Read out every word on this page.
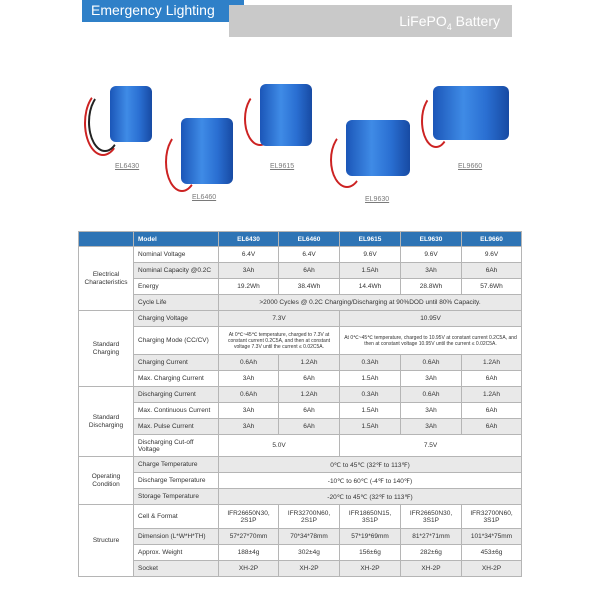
Emergency Lighting
LiFePO$_4$ Battery
EL6430
EL6460
EL9615
EL9630
EL9660
	Model	EL6430	EL6460	EL9615	EL9630	EL9660
Electrical Characteristics	Nominal Voltage	6.4V	6.4V	9.6V	9.6V	9.6V
	Nominal Capacity @0.2C	3Ah	6Ah	1.5Ah	3Ah	6Ah
	Energy	19.2Wh	38.4Wh	14.4Wh	28.8Wh	57.6Wh
	Cycle Life	>2000 Cycles @ 0.2C Charging/Discharging at 90%DOD until 80% Capacity.				
Standard Charging	Charging Voltage	7.3V		10.95V		
	Charging Mode (CC/CV)	At 0℃~45℃ temperature, charged to 7.3V at constant current 0.2C5A, and then at constant voltage 7.3V until the current ≤ 0.02C5A.		At 0℃~45℃ temperature, charged to 10.95V at constant current 0.2C5A, and then at constant voltage 10.95V until the current ≤ 0.02C5A.		
	Charging Current	0.6Ah	1.2Ah	0.3Ah	0.6Ah	1.2Ah
	Max. Charging Current	3Ah	6Ah	1.5Ah	3Ah	6Ah
Standard Discharging	Discharging Current	0.6Ah	1.2Ah	0.3Ah	0.6Ah	1.2Ah
	Max. Continuous Current	3Ah	6Ah	1.5Ah	3Ah	6Ah
	Max. Pulse Current	3Ah	6Ah	1.5Ah	3Ah	6Ah
	Discharging Cut-off Voltage	5.0V		7.5V		
Operating Condition	Charge Temperature	0℃ to 45℃ (32℉ to 113℉)				
	Discharge Temperature	-10℃ to 60℃ (-4℉ to 140℉)				
	Storage Temperature	-20℃ to 45℃ (32℉ to 113℉)				
Structure	Cell & Format	IFR26650N30, 2S1P	IFR32700N60, 2S1P	IFR18650N15, 3S1P	IFR26650N30, 3S1P	IFR32700N60, 3S1P
	Dimension (L*W*H*TH)	57*27*70mm	70*34*78mm	57*19*69mm	81*27*71mm	101*34*75mm
	Approx. Weight	188±4g	302±4g	156±6g	282±6g	453±6g
	Socket	XH-2P	XH-2P	XH-2P	XH-2P	XH-2P
